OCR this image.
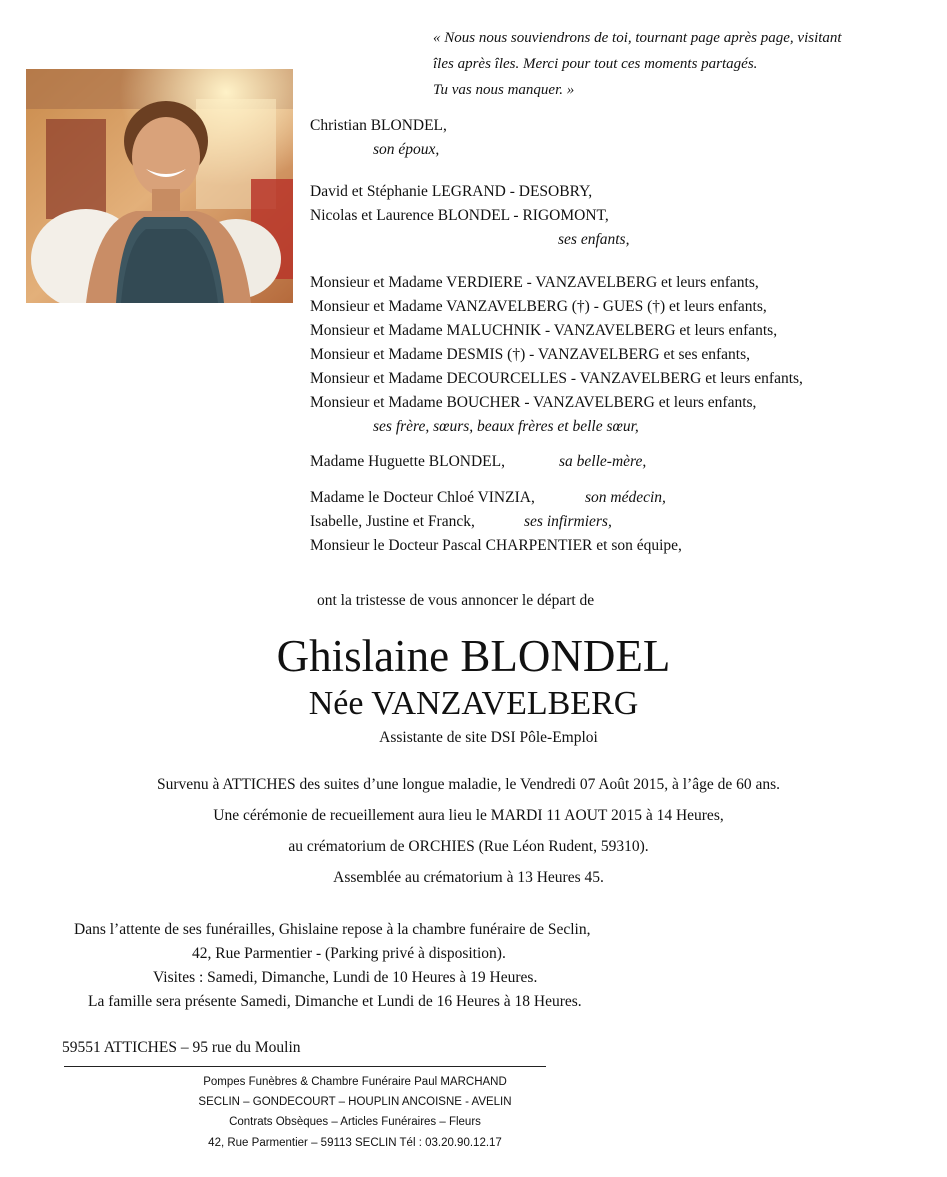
« Nous nous souviendrons de toi, tournant page après page, visitant
îles après îles. Merci pour tout ces moments partagés.
Tu vas nous manquer. »
Christian BLONDEL,
son époux,
David et Stéphanie LEGRAND - DESOBRY,
Nicolas et Laurence BLONDEL - RIGOMONT,
ses enfants,
Monsieur et Madame VERDIERE - VANZAVELBERG et leurs enfants,
Monsieur et Madame VANZAVELBERG (†) - GUES (†) et leurs enfants,
Monsieur et Madame MALUCHNIK - VANZAVELBERG et leurs enfants,
Monsieur et Madame DESMIS (†) - VANZAVELBERG et ses enfants,
Monsieur et Madame DECOURCELLES - VANZAVELBERG et leurs enfants,
Monsieur et Madame BOUCHER - VANZAVELBERG et leurs enfants,
ses frère, sœurs, beaux frères et belle sœur,
Madame Huguette BLONDEL,	sa belle-mère,
Madame le Docteur Chloé VINZIA,	son médecin,
Isabelle, Justine et Franck,	ses infirmiers,
Monsieur le Docteur Pascal CHARPENTIER et son équipe,
ont la tristesse de vous annoncer le départ de
Ghislaine BLONDEL
Née VANZAVELBERG
Assistante de site DSI Pôle-Emploi
Survenu à ATTICHES des suites d’une longue maladie, le Vendredi 07 Août 2015, à l’âge de 60 ans.
Une cérémonie de recueillement aura lieu le MARDI 11 AOUT 2015 à 14 Heures,
au crématorium de ORCHIES (Rue Léon Rudent, 59310).
Assemblée au crématorium à 13 Heures 45.
Dans l’attente de ses funérailles, Ghislaine repose à la chambre funéraire de Seclin,
42, Rue Parmentier - (Parking privé à disposition).
Visites : Samedi, Dimanche, Lundi de 10 Heures à 19 Heures.
La famille sera présente Samedi, Dimanche et Lundi de 16 Heures à 18 Heures.
59551 ATTICHES – 95 rue du Moulin
Pompes Funèbres & Chambre Funéraire Paul MARCHAND
SECLIN – GONDECOURT – HOUPLIN ANCOISNE - AVELIN
Contrats Obsèques – Articles Funéraires – Fleurs
42, Rue Parmentier – 59113 SECLIN Tél : 03.20.90.12.17
